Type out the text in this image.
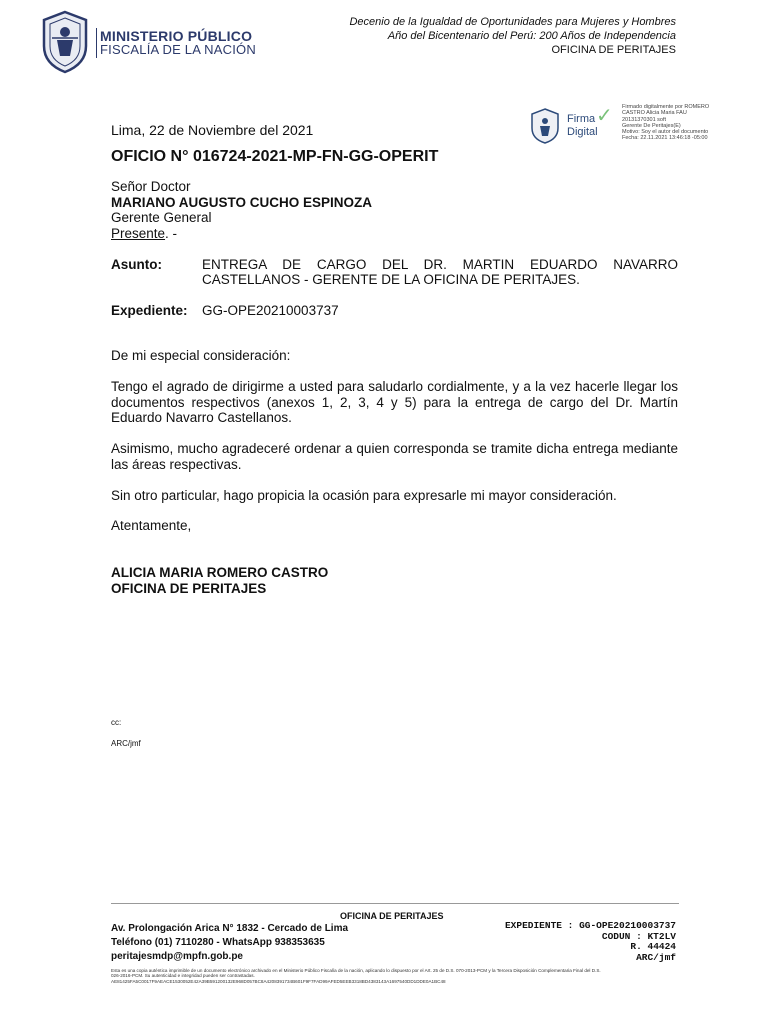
MINISTERIO PÚBLICO
FISCALÍA DE LA NACIÓN
Decenio de la Igualdad de Oportunidades para Mujeres y Hombres
Año del Bicentenario del Perú: 200 Años de Independencia
OFICINA DE PERITAJES
Firma
Digital
✓ Firmado digitalmente por ROMERO
CASTRO Alicia Maria FAU
20131370301 soft
Gerente De Peritajes(E)
Motivo: Soy el autor del documento
Fecha: 22.11.2021 13:46:18 -05:00
Lima, 22 de Noviembre del 2021
OFICIO N° 016724-2021-MP-FN-GG-OPERIT
Señor Doctor
MARIANO AUGUSTO CUCHO ESPINOZA
Gerente General
Presente. -
Asunto:	ENTREGA DE CARGO DEL DR. MARTIN EDUARDO NAVARRO CASTELLANOS - GERENTE DE LA OFICINA DE PERITAJES.
Expediente: GG-OPE20210003737
De mi especial consideración:
Tengo el agrado de dirigirme a usted para saludarlo cordialmente, y a la vez hacerle llegar los documentos respectivos (anexos 1, 2, 3, 4 y 5) para la entrega de cargo del Dr. Martín Eduardo Navarro Castellanos.
Asimismo, mucho agradeceré ordenar a quien corresponda se tramite dicha entrega mediante las áreas respectivas.
Sin otro particular, hago propicia la ocasión para expresarle mi mayor consideración.
Atentamente,
ALICIA MARIA ROMERO CASTRO
OFICINA DE PERITAJES
cc:
ARC/jmf
OFICINA DE PERITAJES
Av. Prolongación Arica N° 1832 - Cercado de Lima
Teléfono (01) 7110280 - WhatsApp 938353635
peritajesmdp@mpfn.gob.pe
EXPEDIENTE : GG-OPE20210003737
CODUN : KT2LV
R. 44424
ARC/jmf
Esta es una copia auténtica imprimible de un documento electrónico archivado en el Ministerio Público Fiscalía de la nación, aplicando lo dispuesto por el Art. 25 de D.S. 070-2013-PCM y la Tercera Disposición Complementaria Final del D.S.
026-2016-PCM. Su autenticidad e integridad pueden ser contrastadas.
AE81425FA5C0017F9AEACE1530052E42A39B591200132E968D057BC8A4208391734B601F9F7FAD99AFED5EEB3318BD4383143A1697540DD1DDE0A1BC48
